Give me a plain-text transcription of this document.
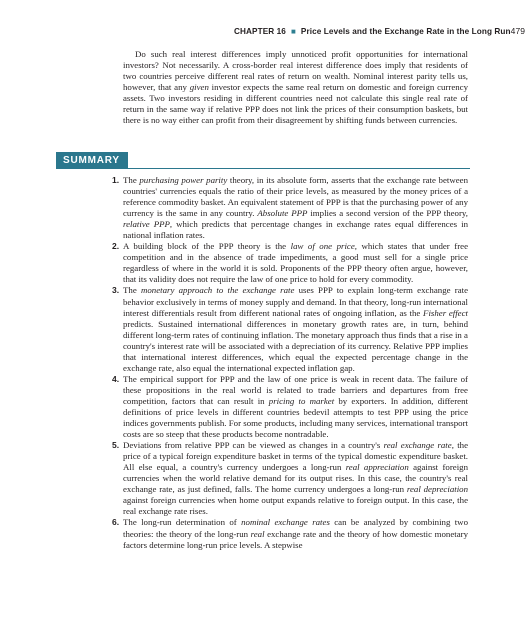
CHAPTER 16 ■ Price Levels and the Exchange Rate in the Long Run 479

Do such real interest differences imply unnoticed profit opportunities for international investors? Not necessarily. A cross-border real interest difference does imply that residents of two countries perceive different real rates of return on wealth. Nominal interest parity tells us, however, that any given investor expects the same real return on domestic and foreign currency assets. Two investors residing in different countries need not calculate this single real rate of return in the same way if relative PPP does not link the prices of their consumption baskets, but there is no way either can profit from their disagreement by shifting funds between currencies.

SUMMARY
1. The purchasing power parity theory, in its absolute form, asserts that the exchange rate between countries' currencies equals the ratio of their price levels, as measured by the money prices of a reference commodity basket. An equivalent statement of PPP is that the purchasing power of any currency is the same in any country. Absolute PPP implies a second version of the PPP theory, relative PPP, which predicts that percentage changes in exchange rates equal differences in national inflation rates.
2. A building block of the PPP theory is the law of one price, which states that under free competition and in the absence of trade impediments, a good must sell for a single price regardless of where in the world it is sold. Proponents of the PPP theory often argue, however, that its validity does not require the law of one price to hold for every commodity.
3. The monetary approach to the exchange rate uses PPP to explain long-term exchange rate behavior exclusively in terms of money supply and demand. In that theory, long-run international interest differentials result from different national rates of ongoing inflation, as the Fisher effect predicts. Sustained international differences in monetary growth rates are, in turn, behind different long-term rates of continuing inflation. The monetary approach thus finds that a rise in a country's interest rate will be associated with a depreciation of its currency. Relative PPP implies that international interest differences, which equal the expected percentage change in the exchange rate, also equal the international expected inflation gap.
4. The empirical support for PPP and the law of one price is weak in recent data. The failure of these propositions in the real world is related to trade barriers and departures from free competition, factors that can result in pricing to market by exporters. In addition, different definitions of price levels in different countries bedevil attempts to test PPP using the price indices governments publish. For some products, including many services, international transport costs are so steep that these products become nontradable.
5. Deviations from relative PPP can be viewed as changes in a country's real exchange rate, the price of a typical foreign expenditure basket in terms of the typical domestic expenditure basket. All else equal, a country's currency undergoes a long-run real appreciation against foreign currencies when the world relative demand for its output rises. In this case, the country's real exchange rate, as just defined, falls. The home currency undergoes a long-run real depreciation against foreign currencies when home output expands relative to foreign output. In this case, the real exchange rate rises.
6. The long-run determination of nominal exchange rates can be analyzed by combining two theories: the theory of the long-run real exchange rate and the theory of how domestic monetary factors determine long-run price levels. A stepwise
